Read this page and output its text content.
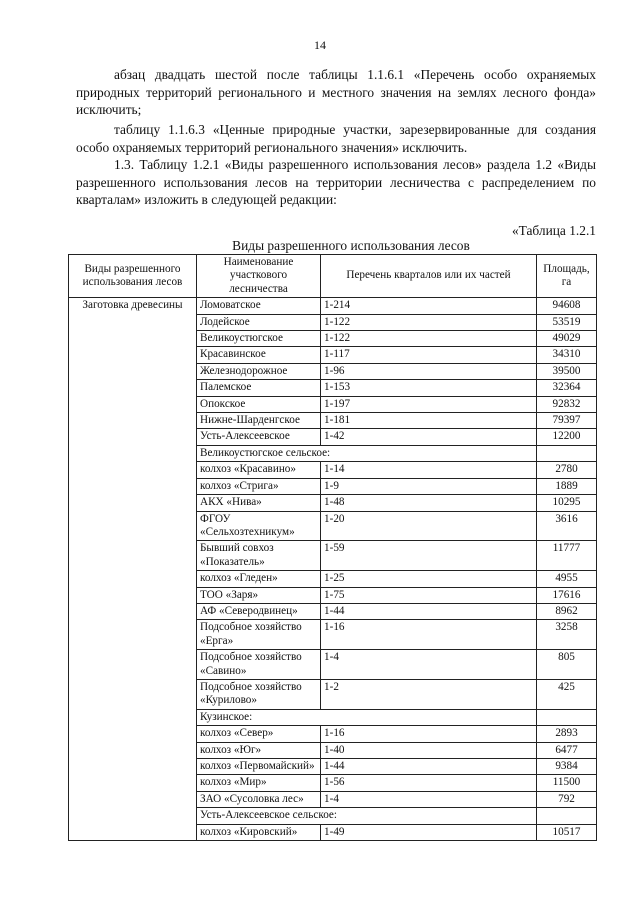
14

абзац двадцать шестой после таблицы 1.1.6.1 «Перечень особо охраняемых природных территорий регионального и местного значения на землях лесного фонда» исключить;

таблицу 1.1.6.3 «Ценные природные участки, зарезервированные для создания особо охраняемых территорий регионального значения» исключить.

1.3. Таблицу 1.2.1 «Виды разрешенного использования лесов» раздела 1.2 «Виды разрешенного использования лесов на территории лесничества с распределением по кварталам» изложить в следующей редакции:

«Таблица 1.2.1
Виды разрешенного использования лесов
Виды разрешенного использования лесов	Наименование участкового лесничества	Перечень кварталов или их частей	Площадь, га
Заготовка древесины	Ломоватское	1-214	94608
	Лодейское	1-122	53519
	Великоустюгское	1-122	49029
	Красавинское	1-117	34310
	Железнодорожное	1-96	39500
	Палемское	1-153	32364
	Опокское	1-197	92832
	Нижне-Шарденгское	1-181	79397
	Усть-Алексеевское	1-42	12200
	Великоустюгское сельское:		
	колхоз «Красавино»	1-14	2780
	колхоз «Стрига»	1-9	1889
	АКХ «Нива»	1-48	10295
	ФГОУ «Сельхозтехникум»	1-20	3616
	Бывший совхоз «Показатель»	1-59	11777
	колхоз «Гледен»	1-25	4955
	ТОО «Заря»	1-75	17616
	АФ «Северодвинец»	1-44	8962
	Подсобное хозяйство «Ерга»	1-16	3258
	Подсобное хозяйство «Савино»	1-4	805
	Подсобное хозяйство «Курилово»	1-2	425
	Кузинское:		
	колхоз «Север»	1-16	2893
	колхоз «Юг»	1-40	6477
	колхоз «Первомайский»	1-44	9384
	колхоз «Мир»	1-56	11500
	ЗАО «Сусоловка лес»	1-4	792
	Усть-Алексеевское сельское:		
	колхоз «Кировский»	1-49	10517
